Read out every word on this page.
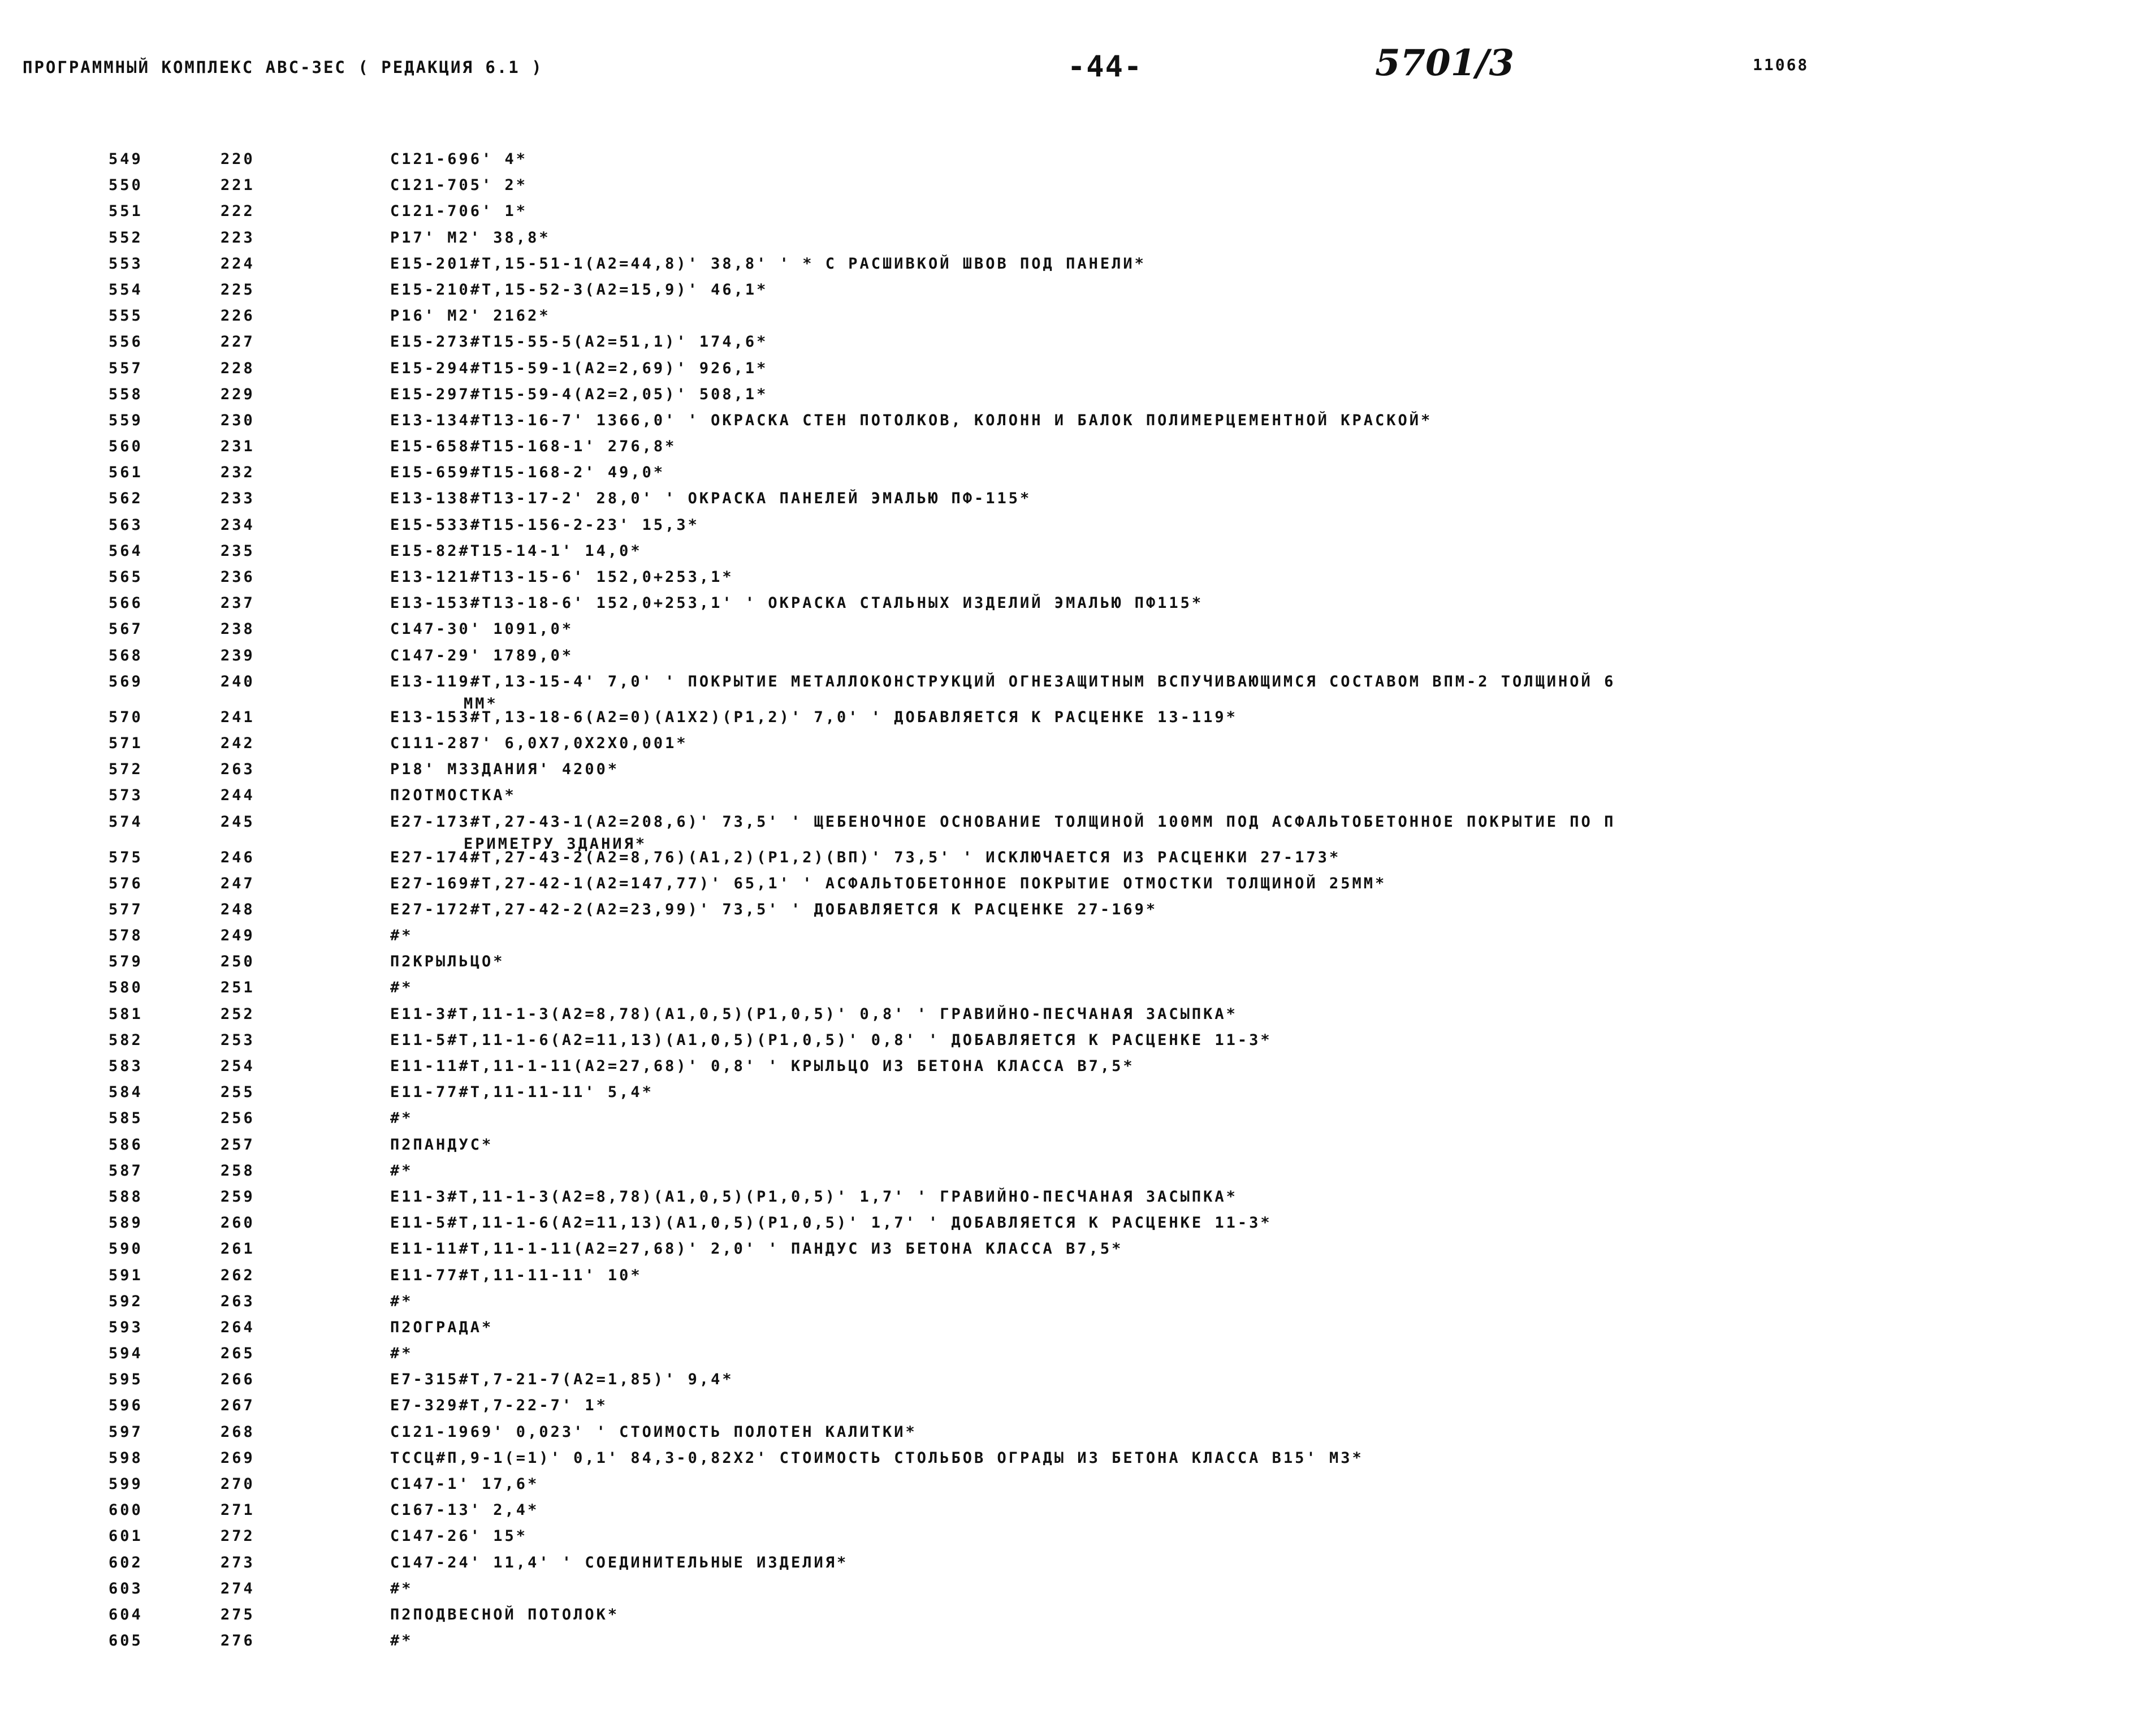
ПРОГРАММНЫЙ КОМПЛЕКС АВС-ЗЕС ( РЕДАКЦИЯ 6.1 )	-44-	5701/3	11068
549	220	C121-696' 4*
550	221	C121-705' 2*
551	222	C121-706' 1*
552	223	P17' M2' 38,8*
553	224	E15-201#T,15-51-1(A2=44,8)' 38,8' ' * С РАСШИВКОЙ ШВОВ ПОД ПАНЕЛИ*
554	225	E15-210#T,15-52-3(A2=15,9)' 46,1*
555	226	P16' M2' 2162*
556	227	E15-273#T15-55-5(A2=51,1)' 174,6*
557	228	E15-294#T15-59-1(A2=2,69)' 926,1*
558	229	E15-297#T15-59-4(A2=2,05)' 508,1*
559	230	E13-134#T13-16-7' 1366,0' ' ОКРАСКА СТЕН ПОТОЛКОВ, КОЛОНН И БАЛОК ПОЛИМЕРЦЕМЕНТНОЙ КРАСКОЙ*
560	231	E15-658#T15-168-1' 276,8*
561	232	E15-659#T15-168-2' 49,0*
562	233	E13-138#T13-17-2' 28,0' ' ОКРАСКА ПАНЕЛЕЙ ЭМАЛЬЮ ПФ-115*
563	234	E15-533#T15-156-2-23' 15,3*
564	235	E15-82#T15-14-1' 14,0*
565	236	E13-121#T13-15-6' 152,0+253,1*
566	237	E13-153#T13-18-6' 152,0+253,1' ' ОКРАСКА СТАЛЬНЫХ ИЗДЕЛИЙ ЭМАЛЬЮ ПФ115*
567	238	C147-30' 1091,0*
568	239	C147-29' 1789,0*
569	240	E13-119#T,13-15-4' 7,0' ' ПОКРЫТИЕ МЕТАЛЛОКОНСТРУКЦИЙ ОГНЕЗАЩИТНЫМ ВСПУЧИВАЮЩИМСЯ СОСТАВОМ ВПМ-2 ТОЛЩИНОЙ 6
MM*
570	241	E13-153#T,13-18-6(A2=0)(A1X2)(P1,2)' 7,0' ' ДОБАВЛЯЕТСЯ К РАСЦЕНКЕ 13-119*
571	242	C111-287' 6,0X7,0X2X0,001*
572	263	P18' M3ЗДАНИЯ' 4200*
573	244	П2ОТМОСТКА*
574	245	E27-173#T,27-43-1(A2=208,6)' 73,5' ' ЩЕБЕНОЧНОЕ ОСНОВАНИЕ ТОЛЩИНОЙ 100ММ ПОД АСФАЛЬТОБЕТОННОЕ ПОКРЫТИЕ ПО П
ЕРИМЕТРУ ЗДАНИЯ*
575	246	E27-174#T,27-43-2(A2=8,76)(A1,2)(P1,2)(ВП)' 73,5' ' ИСКЛЮЧАЕТСЯ ИЗ РАСЦЕНКИ 27-173*
576	247	E27-169#T,27-42-1(A2=147,77)' 65,1' ' АСФАЛЬТОБЕТОННОЕ ПОКРЫТИЕ ОТМОСТКИ ТОЛЩИНОЙ 25ММ*
577	248	E27-172#T,27-42-2(A2=23,99)' 73,5' ' ДОБАВЛЯЕТСЯ К РАСЦЕНКЕ 27-169*
578	249	#*
579	250	П2КРЫЛЬЦО*
580	251	#*
581	252	E11-3#T,11-1-3(A2=8,78)(A1,0,5)(P1,0,5)' 0,8' ' ГРАВИЙНО-ПЕСЧАНАЯ ЗАСЫПКА*
582	253	E11-5#T,11-1-6(A2=11,13)(A1,0,5)(P1,0,5)' 0,8' ' ДОБАВЛЯЕТСЯ К РАСЦЕНКЕ 11-3*
583	254	E11-11#T,11-1-11(A2=27,68)' 0,8' ' КРЫЛЬЦО ИЗ БЕТОНА КЛАССА В7,5*
584	255	E11-77#T,11-11-11' 5,4*
585	256	#*
586	257	П2ПАНДУС*
587	258	#*
588	259	E11-3#T,11-1-3(A2=8,78)(A1,0,5)(P1,0,5)' 1,7' ' ГРАВИЙНО-ПЕСЧАНАЯ ЗАСЫПКА*
589	260	E11-5#T,11-1-6(A2=11,13)(A1,0,5)(P1,0,5)' 1,7' ' ДОБАВЛЯЕТСЯ К РАСЦЕНКЕ 11-3*
590	261	E11-11#T,11-1-11(A2=27,68)' 2,0' ' ПАНДУС ИЗ БЕТОНА КЛАССА В7,5*
591	262	E11-77#T,11-11-11' 10*
592	263	#*
593	264	П2ОГРАДА*
594	265	#*
595	266	E7-315#T,7-21-7(A2=1,85)' 9,4*
596	267	E7-329#T,7-22-7' 1*
597	268	C121-1969' 0,023' ' СТОИМОСТЬ ПОЛОТЕН КАЛИТКИ*
598	269	TCCЦ#П,9-1(=1)' 0,1' 84,3-0,82X2' СТОИМОСТЬ СТОЛЬБОВ ОГРАДЫ ИЗ БЕТОНА КЛАССА В15' M3*
599	270	C147-1' 17,6*
600	271	C167-13' 2,4*
601	272	C147-26' 15*
602	273	C147-24' 11,4' ' СОЕДИНИТЕЛЬНЫЕ ИЗДЕЛИЯ*
603	274	#*
604	275	П2ПОДВЕСНОЙ ПОТОЛОК*
605	276	#*
